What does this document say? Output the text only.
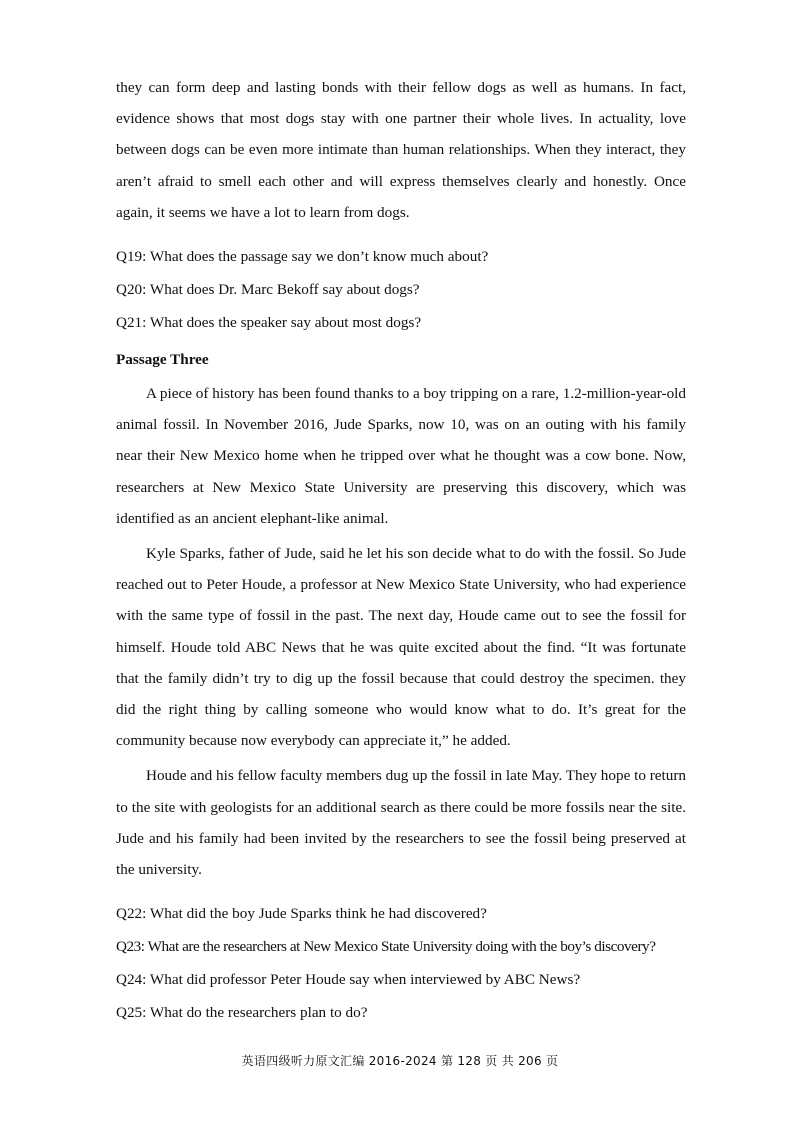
they can form deep and lasting bonds with their fellow dogs as well as humans. In fact, evidence shows that most dogs stay with one partner their whole lives. In actuality, love between dogs can be even more intimate than human relationships. When they interact, they aren’t afraid to smell each other and will express themselves clearly and honestly. Once again, it seems we have a lot to learn from dogs.

Q19: What does the passage say we don’t know much about?

Q20: What does Dr. Marc Bekoff say about dogs?

Q21: What does the speaker say about most dogs?

Passage Three

A piece of history has been found thanks to a boy tripping on a rare, 1.2-million-year-old animal fossil. In November 2016, Jude Sparks, now 10, was on an outing with his family near their New Mexico home when he tripped over what he thought was a cow bone. Now, researchers at New Mexico State University are preserving this discovery, which was identified as an ancient elephant-like animal.

Kyle Sparks, father of Jude, said he let his son decide what to do with the fossil. So Jude reached out to Peter Houde, a professor at New Mexico State University, who had experience with the same type of fossil in the past. The next day, Houde came out to see the fossil for himself. Houde told ABC News that he was quite excited about the find. “It was fortunate that the family didn’t try to dig up the fossil because that could destroy the specimen. they did the right thing by calling someone who would know what to do. It’s great for the community because now everybody can appreciate it,” he added.

Houde and his fellow faculty members dug up the fossil in late May. They hope to return to the site with geologists for an additional search as there could be more fossils near the site. Jude and his family had been invited by the researchers to see the fossil being preserved at the university.

Q22: What did the boy Jude Sparks think he had discovered?

Q23: What are the researchers at New Mexico State University doing with the boy’s discovery?

Q24: What did professor Peter Houde say when interviewed by ABC News?

Q25: What do the researchers plan to do?

英语四级听力原文汇编 2016-2024 第 128 页 共 206 页
